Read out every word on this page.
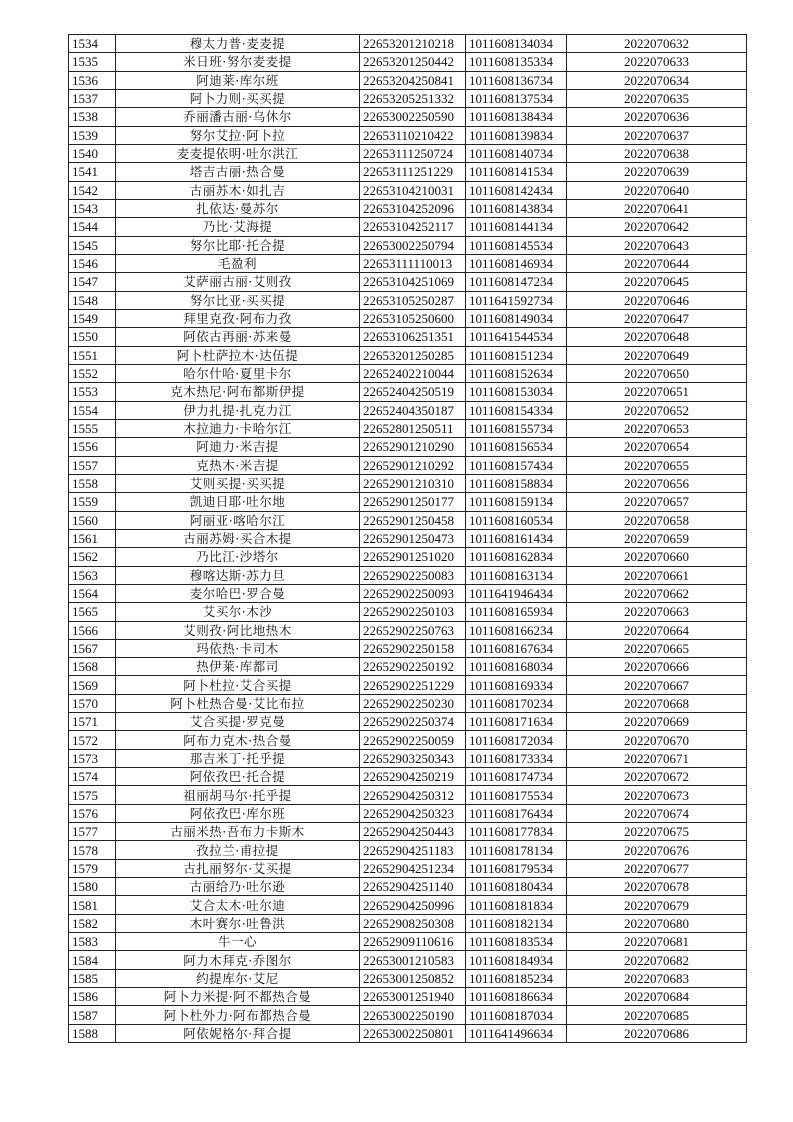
1534	穆太力普·麦麦提	22653201210218	1011608134034	2022070632
1535	米日班·努尔麦麦提	22653201250442	1011608135334	2022070633
1536	阿迪莱·库尔班	22653204250841	1011608136734	2022070634
1537	阿卜力则·买买提	22653205251332	1011608137534	2022070635
1538	乔丽潘古丽·乌休尔	22653002250590	1011608138434	2022070636
1539	努尔艾拉·阿卜拉	22653110210422	1011608139834	2022070637
1540	麦麦提依明·吐尔洪江	22653111250724	1011608140734	2022070638
1541	塔吉古丽·热合曼	22653111251229	1011608141534	2022070639
1542	古丽苏木·如扎吉	22653104210031	1011608142434	2022070640
1543	扎依达·曼苏尔	22653104252096	1011608143834	2022070641
1544	乃比·艾海提	22653104252117	1011608144134	2022070642
1545	努尔比耶·托合提	22653002250794	1011608145534	2022070643
1546	毛盈利	22653111110013	1011608146934	2022070644
1547	艾萨丽古丽·艾则孜	22653104251069	1011608147234	2022070645
1548	努尔比亚·买买提	22653105250287	1011641592734	2022070646
1549	拜里克孜·阿布力孜	22653105250600	1011608149034	2022070647
1550	阿依古再丽·苏来曼	22653106251351	1011641544534	2022070648
1551	阿卜杜萨拉木·达伍提	22653201250285	1011608151234	2022070649
1552	哈尔什哈·夏里卡尔	22652402210044	1011608152634	2022070650
1553	克木热尼·阿布都斯伊提	22652404250519	1011608153034	2022070651
1554	伊力扎提·扎克力江	22652404350187	1011608154334	2022070652
1555	木拉迪力·卡哈尔江	22652801250511	1011608155734	2022070653
1556	阿迪力·米吉提	22652901210290	1011608156534	2022070654
1557	克热木·米吉提	22652901210292	1011608157434	2022070655
1558	艾则买提·买买提	22652901210310	1011608158834	2022070656
1559	凯迪日耶·吐尔地	22652901250177	1011608159134	2022070657
1560	阿丽亚·喀哈尔江	22652901250458	1011608160534	2022070658
1561	古丽苏姆·买合木提	22652901250473	1011608161434	2022070659
1562	乃比江·沙塔尔	22652901251020	1011608162834	2022070660
1563	穆喀达斯·苏力旦	22652902250083	1011608163134	2022070661
1564	麦尔哈巴·罗合曼	22652902250093	1011641946434	2022070662
1565	艾买尔·木沙	22652902250103	1011608165934	2022070663
1566	艾则孜·阿比地热木	22652902250763	1011608166234	2022070664
1567	玛依热·卡司木	22652902250158	1011608167634	2022070665
1568	热伊莱·库都司	22652902250192	1011608168034	2022070666
1569	阿卜杜拉·艾合买提	22652902251229	1011608169334	2022070667
1570	阿卜杜热合曼·艾比布拉	22652902250230	1011608170234	2022070668
1571	艾合买提·罗克曼	22652902250374	1011608171634	2022070669
1572	阿布力克木·热合曼	22652902250059	1011608172034	2022070670
1573	那吉米丁·托乎提	22652903250343	1011608173334	2022070671
1574	阿依孜巴·托合提	22652904250219	1011608174734	2022070672
1575	祖丽胡马尔·托乎提	22652904250312	1011608175534	2022070673
1576	阿依孜巴·库尔班	22652904250323	1011608176434	2022070674
1577	古丽米热·吾布力卡斯木	22652904250443	1011608177834	2022070675
1578	孜拉兰·甫拉提	22652904251183	1011608178134	2022070676
1579	古扎丽努尔·艾买提	22652904251234	1011608179534	2022070677
1580	古丽给乃·吐尔逊	22652904251140	1011608180434	2022070678
1581	艾合太木·吐尔迪	22652904250996	1011608181834	2022070679
1582	木叶赛尔·吐鲁洪	22652908250308	1011608182134	2022070680
1583	牛一心	22652909110616	1011608183534	2022070681
1584	阿力木拜克·乔图尔	22653001210583	1011608184934	2022070682
1585	约提库尔·艾尼	22653001250852	1011608185234	2022070683
1586	阿卜力米提·阿不都热合曼	22653001251940	1011608186634	2022070684
1587	阿卜杜外力·阿布都热合曼	22653002250190	1011608187034	2022070685
1588	阿依妮格尔·拜合提	22653002250801	1011641496634	2022070686
